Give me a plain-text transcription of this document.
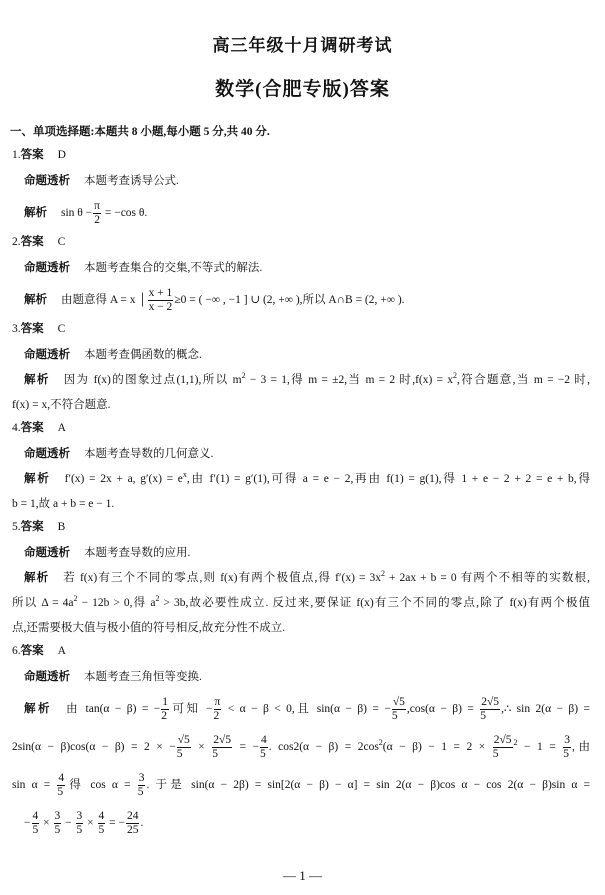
高三年级十月调研考试
数学(合肥专版)答案
一、单项选择题:本题共 8 小题,每小题 5 分,共 40 分.
1.答案 D
命题透析 本题考查诱导公式.
解析 $\sin \theta - \frac{\pi}{2} = -\cos$ θ.
2.答案 C
命题透析 本题考查集合的交集,不等式的解法.
解析 由题意得 A = x │ $\frac{x + 1}{x - 2} \ge 0$ = ( −∞ , −1 ] ∪ (2, +∞ ),所以 A∩B = (2, +∞ ).
3.答案 C
命题透析 本题考查偶函数的概念.
解析 因为 f(x)的图象过点(1,1),所以 $m^2 - 3 = 1$,得 m = ±2,当 m = 2 时$,f(x) = x^2$,符合题意,当 m = −2 时,
f(x) = x,不符合题意.
4.答案 A
命题透析 本题考查导数的几何意义.
解析 f′(x) = 2x + a, $g'(x) = e^x$,由 f′(1) = g′(1),可得 a = e − 2,再由 f(1) = g(1),得 1 + e − 2 + 2 = e + b,得
b = 1,故 a + b = e − 1.
5.答案 B
命题透析 本题考查导数的应用.
解析 若 f(x)有三个不同的零点,则 f(x)有两个极值点,得 $f'(x) = 3x^2 + 2ax + b = 0$ 有两个不相等的实数根,
所以 $\Delta = 4a^2 - 12b > 0$,得 $a^2 > 3b$,故必要性成立. 反过来,要保证 f(x)有三个不同的零点,除了 f(x)有两个极值
点,还需要极大值与极小值的符号相反,故充分性不成立.
6.答案 A
命题透析 本题考查三角恒等变换.
解析 由 tan(α − β) = − $\frac{1}{2}$ 可知 − $\frac{\pi}{2} < \alpha - \beta < 0$,且 sin(α − β) = − $\frac{√5}{5} ,\cos(\alpha - \beta) = \frac{2√5}{5}$ ,∴ sin 2(α − β) =
2sin(α − β)cos(α − β) = 2 × − $\frac{√5}{5} \times \frac{2√5}{5}$ = − $\frac{4}{5}$ . $\cos 2(\alpha - \beta) = 2\cos^2(\alpha - \beta) - 1 = 2 \times \frac{2√5}{5} ^2 - 1 = \frac{3}{5}$ ,由
$\sin \alpha = \frac{4}{5}$ 得 $\cos \alpha = \frac{3}{5}$ . 于是 sin(α − 2β) = sin[2(α − β) − α] = sin 2(α − β)cos α − cos 2(α − β)sin α =
− $\frac{4}{5} \times \frac{3}{5} - \frac{3}{5} \times \frac{4}{5}$ = − $\frac{24}{25}$ .
— 1 —
